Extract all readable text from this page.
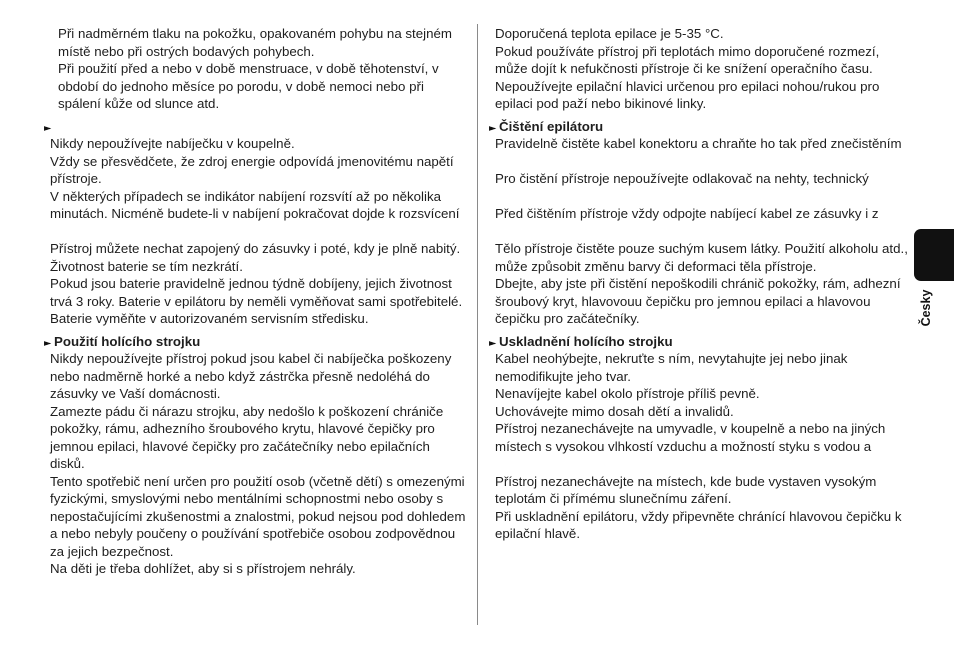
Při nadměrném tlaku na pokožku, opakovaném pohybu na stejném
místě nebo při ostrých bodavých pohybech.
Při použití před a nebo v době menstruace, v době těhotenství, v
období do jednoho měsíce po porodu, v době nemoci nebo při
spálení kůže od slunce atd.
►
Nikdy nepoužívejte nabíječku v koupelně.
Vždy se přesvědčete, že zdroj energie odpovídá jmenovitému napětí
přístroje.
V některých případech se indikátor nabíjení rozsvítí až po několika
minutách. Nicméně budete-li v nabíjení pokračovat dojde k rozsvícení
Přístroj můžete nechat zapojený do zásuvky i poté, kdy je plně nabitý.
Životnost baterie se tím nezkrátí.
Pokud jsou baterie pravidelně jednou týdně dobíjeny, jejich životnost
trvá 3 roky. Baterie v epilátoru by neměli vyměňovat sami spotřebitelé.
Baterie vyměňte v autorizovaném servisním středisku.
► Použití holícího strojku
Nikdy nepoužívejte přístroj pokud jsou kabel či nabíječka poškozeny
nebo nadměrně horké a nebo když zástrčka přesně nedoléhá do
zásuvky ve Vaší domácnosti.
Zamezte pádu či nárazu strojku, aby nedošlo k poškození chrániče
pokožky, rámu, adhezního šroubového krytu, hlavové čepičky pro
jemnou epilaci, hlavové čepičky pro začátečníky nebo epilačních
disků.
Tento spotřebič není určen pro použití osob (včetně dětí) s omezenými
fyzickými, smyslovými nebo mentálními schopnostmi nebo osoby s
nepostačujícími zkušenostmi a znalostmi, pokud nejsou pod dohledem
a nebo nebyly poučeny o používání spotřebiče osobou zodpovědnou
za jejich bezpečnost.
Na děti je třeba dohlížet, aby si s přístrojem nehrály.
Doporučená teplota epilace je 5-35 °C.
Pokud používáte přístroj při teplotách mimo doporučené rozmezí,
může dojít k nefukčnosti přístroje či ke snížení operačního času.
Nepoužívejte epilační hlavici určenou pro epilaci nohou/rukou pro
epilaci pod paží nebo bikinové linky.
► Čištění epilátoru
Pravidelně čistěte kabel konektoru a chraňte ho tak před znečistěním
Pro čistění přístroje nepoužívejte odlakovač na nehty, technický
Před čištěním přístroje vždy odpojte nabíjecí kabel ze zásuvky i z
Tělo přístroje čistěte pouze suchým kusem látky. Použití alkoholu atd.,
může způsobit změnu barvy či deformaci těla přístroje.
Dbejte, aby jste při čistění nepoškodili chránič pokožky, rám, adhezní
šroubový kryt, hlavovouu čepičku pro jemnou epilaci a hlavovou
čepičku pro začátečníky.
► Uskladnění holícího strojku
Kabel neohýbejte, nekruťte s ním, nevytahujte jej nebo jinak
nemodifikujte jeho tvar.
Nenavíjejte kabel okolo přístroje příliš pevně.
Uchovávejte mimo dosah dětí a invalidů.
Přístroj nezanechávejte na umyvadle, v koupelně a nebo na jiných
místech s vysokou vlhkostí vzduchu a možností styku s vodou a
Přístroj nezanechávejte na místech, kde bude vystaven vysokým
teplotám či přímému slunečnímu záření.
Při uskladnění epilátoru, vždy připevněte chránící hlavovou čepičku k
epilační hlavě.
Česky
